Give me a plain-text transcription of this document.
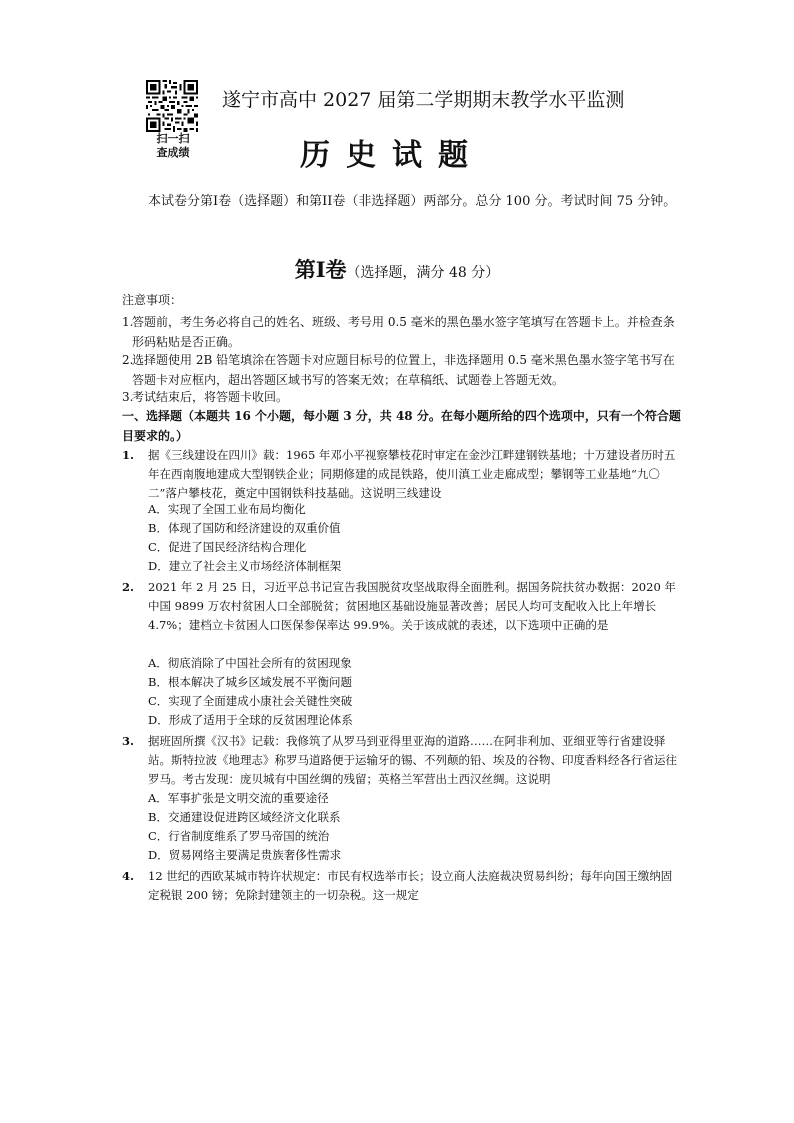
扫一扫
查成绩
遂宁市高中 2027 届第二学期期末教学水平监测
历史试题
本试卷分第Ⅰ卷（选择题）和第II卷（非选择题）两部分。总分 100 分。考试时间 75 分钟。
第Ⅰ卷（选择题，满分 48 分）
注意事项：
1.
答题前，考生务必将自己的姓名、班级、考号用 0.5 毫米的黑色墨水签字笔填写在答题卡上。并检查条形码粘贴是否正确。
2.
选择题使用 2B 铅笔填涂在答题卡对应题目标号的位置上，非选择题用 0.5 毫米黑色墨水签字笔书写在答题卡对应框内，超出答题区域书写的答案无效；在草稿纸、试题卷上答题无效。
3.
考试结束后，将答题卡收回。
一、选择题（本题共 16 个小题，每小题 3 分，共 48 分。在每小题所给的四个选项中，只有一个符合题目要求的。）
1.	据《三线建设在四川》载：1965 年邓小平视察攀枝花时审定在金沙江畔建钢铁基地；十万建设者历时五年在西南腹地建成大型钢铁企业；同期修建的成昆铁路，使川滇工业走廊成型；攀钢等工业基地“九〇二”落户攀枝花，奠定中国钢铁科技基础。这说明三线建设
A．实现了全国工业布局均衡化
B．体现了国防和经济建设的双重价值
C．促进了国民经济结构合理化
D．建立了社会主义市场经济体制框架
2.	2021 年 2 月 25 日，习近平总书记宣告我国脱贫攻坚战取得全面胜利。据国务院扶贫办数据：2020 年中国 9899 万农村贫困人口全部脱贫；贫困地区基础设施显著改善；居民人均可支配收入比上年增长 4.7%；建档立卡贫困人口医保参保率达 99.9%。关于该成就的表述，以下选项中正确的是
A．彻底消除了中国社会所有的贫困现象
B．根本解决了城乡区域发展不平衡问题
C．实现了全面建成小康社会关键性突破
D．形成了适用于全球的反贫困理论体系
3.	据班固所撰《汉书》记载：我修筑了从罗马到亚得里亚海的道路……在阿非利加、亚细亚等行省建设驿站。斯特拉波《地理志》称罗马道路便于运输牙的锡、不列颠的铅、埃及的谷物、印度香料经各行省运往罗马。考古发现：庞贝城有中国丝绸的残留；英格兰军营出土西汉丝绸。这说明
A．军事扩张是文明交流的重要途径
B．交通建设促进跨区域经济文化联系
C．行省制度维系了罗马帝国的统治
D．贸易网络主要满足贵族奢侈性需求
4.	12 世纪的西欧某城市特许状规定：市民有权选举市长；设立商人法庭裁决贸易纠纷；每年向国王缴纳固定税银 200 镑；免除封建领主的一切杂税。这一规定
